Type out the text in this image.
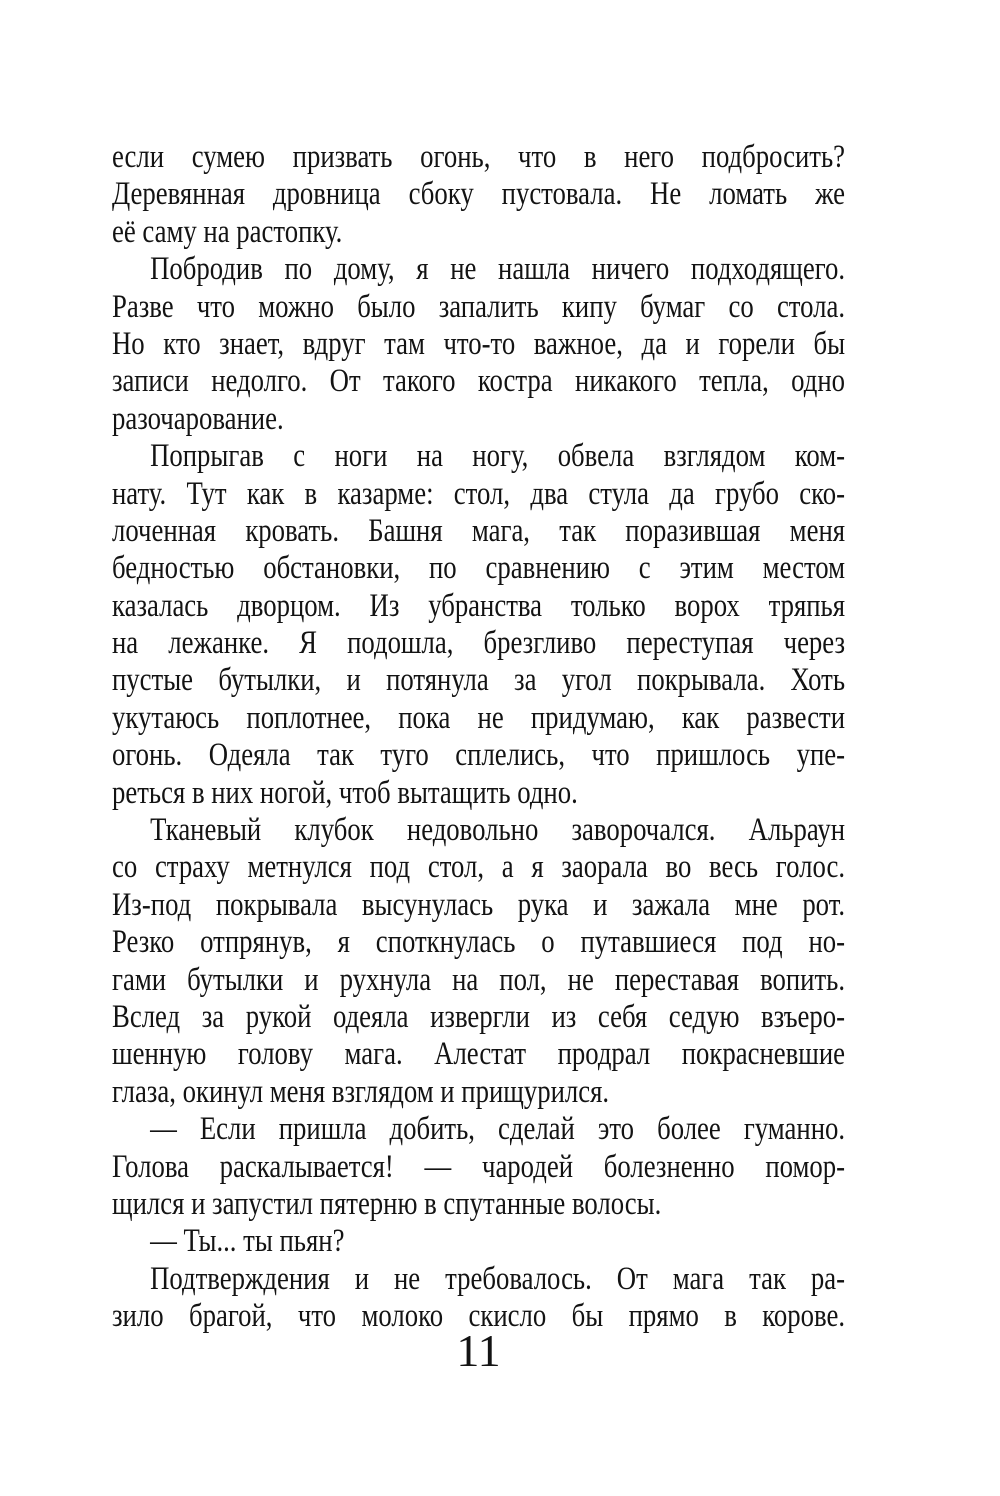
если сумею призвать огонь, что в него подбросить?
Деревянная дровница сбоку пустовала. Не ломать же
её саму на растопку.
Побродив по дому, я не нашла ничего подходящего.
Разве что можно было запалить кипу бумаг со стола.
Но кто знает, вдруг там что-то важное, да и горели бы
записи недолго. От такого костра никакого тепла, одно
разочарование.
Попрыгав с ноги на ногу, обвела взглядом ком-
нату. Тут как в казарме: стол, два стула да грубо ско-
лоченная кровать. Башня мага, так поразившая меня
бедностью обстановки, по сравнению с этим местом
казалась дворцом. Из убранства только ворох тряпья
на лежанке. Я подошла, брезгливо переступая через
пустые бутылки, и потянула за угол покрывала. Хоть
укутаюсь поплотнее, пока не придумаю, как развести
огонь. Одеяла так туго сплелись, что пришлось упе-
реться в них ногой, чтоб вытащить одно.
Тканевый клубок недовольно заворочался. Альраун
со страху метнулся под стол, а я заорала во весь голос.
Из-под покрывала высунулась рука и зажала мне рот.
Резко отпрянув, я споткнулась о путавшиеся под но-
гами бутылки и рухнула на пол, не переставая вопить.
Вслед за рукой одеяла извергли из себя седую взъеро-
шенную голову мага. Алестат продрал покрасневшие
глаза, окинул меня взглядом и прищурился.
— Если пришла добить, сделай это более гуманно.
Голова раскалывается! — чародей болезненно помор-
щился и запустил пятерню в спутанные волосы.
— Ты... ты пьян?
Подтверждения и не требовалось. От мага так ра-
зило брагой, что молоко скисло бы прямо в корове.
11
